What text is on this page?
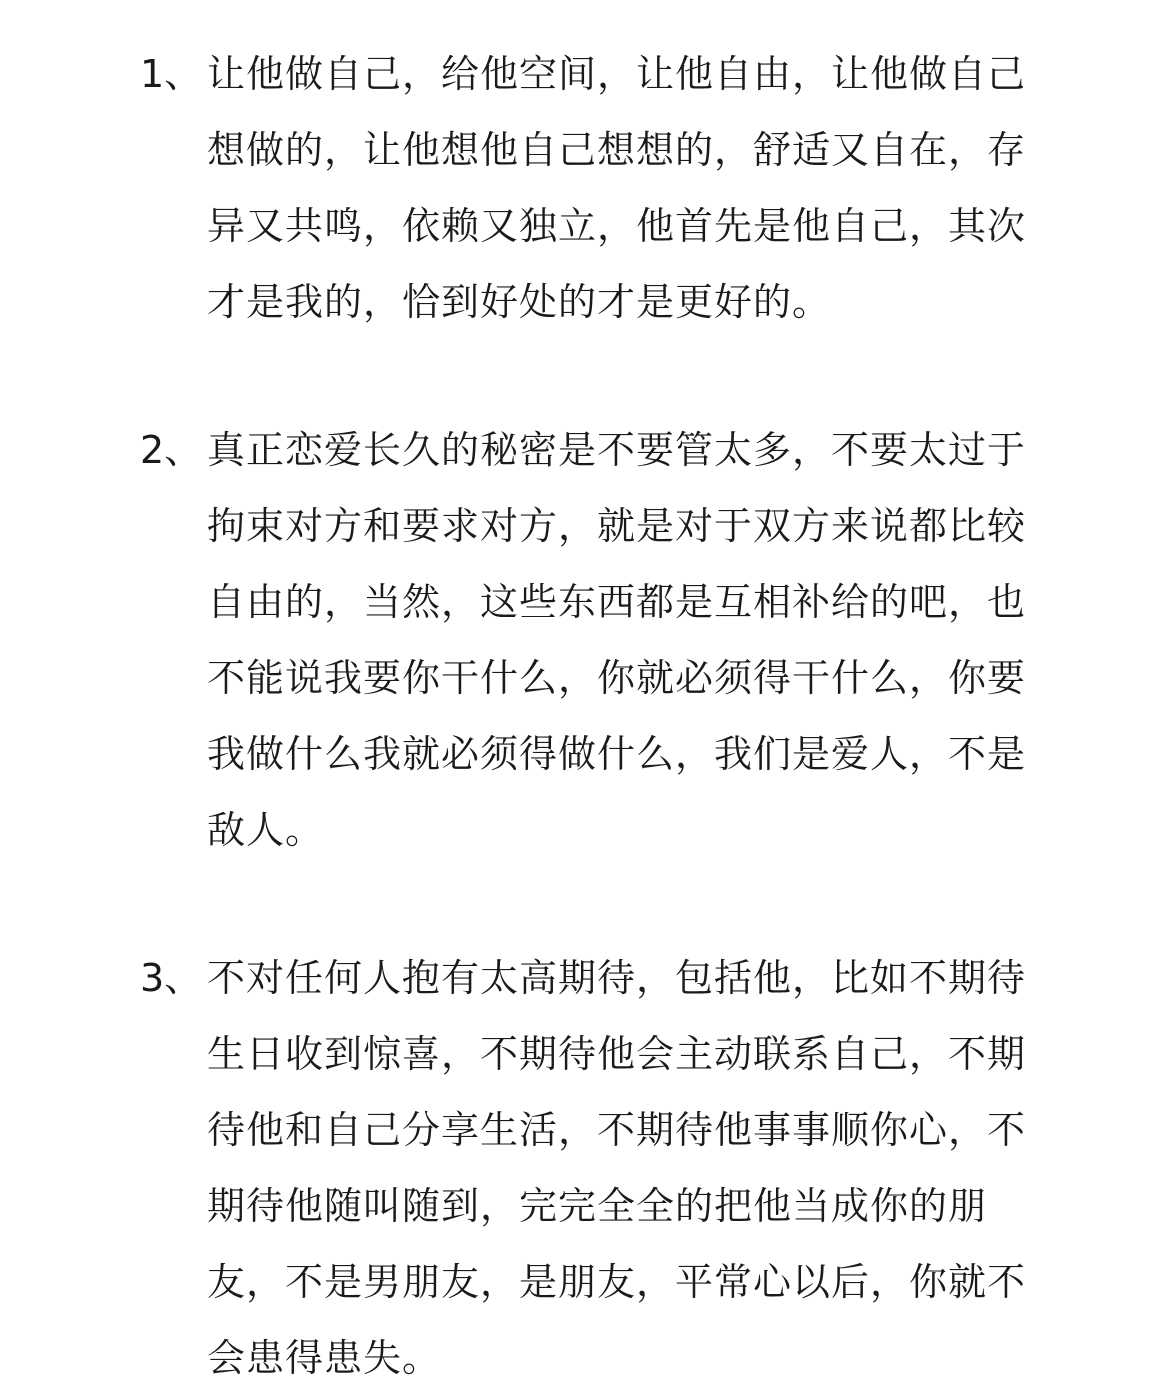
1、 让他做自己，给他空间，让他自由，让他做自己
想做的，让他想他自己想想的，舒适又自在，存
异又共鸣，依赖又独立，他首先是他自己，其次
才是我的，恰到好处的才是更好的。
2、 真正恋爱长久的秘密是不要管太多，不要太过于
拘束对方和要求对方，就是对于双方来说都比较
自由的，当然，这些东西都是互相补给的吧，也
不能说我要你干什么，你就必须得干什么，你要
我做什么我就必须得做什么，我们是爱人，不是
敌人。
3、 不对任何人抱有太高期待，包括他，比如不期待
生日收到惊喜，不期待他会主动联系自己，不期
待他和自己分享生活，不期待他事事顺你心，不
期待他随叫随到，完完全全的把他当成你的朋
友，不是男朋友，是朋友，平常心以后，你就不
会患得患失。
